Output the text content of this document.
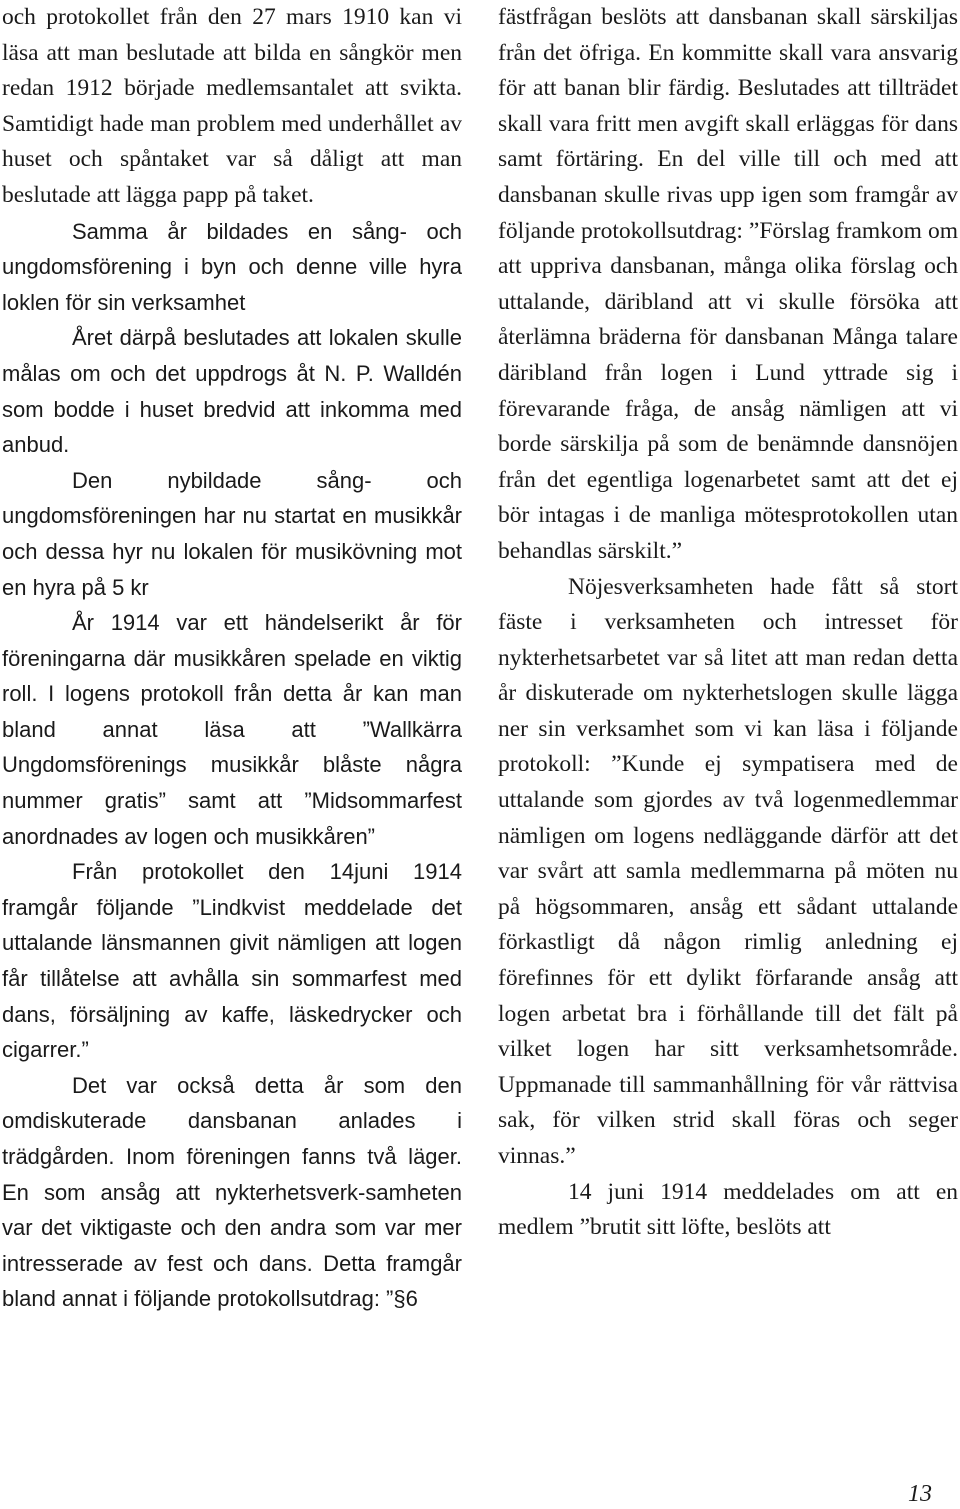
och protokollet från den 27 mars 1910 kan vi läsa att man beslutade att bilda en sångkör men redan 1912 började medlemsantalet att svikta. Samtidigt hade man problem med underhållet av huset och spåntaket var så dåligt att man beslutade att lägga papp på taket.

Samma år bildades en sång- och ungdomsförening i byn och denne ville hyra loklen för sin verksamhet

Året därpå beslutades att lokalen skulle målas om och det uppdrogs åt N. P. Walldén som bodde i huset bredvid att inkomma med anbud.

Den nybildade sång- och ungdomsföreningen har nu startat en musikkår och dessa hyr nu lokalen för musikövning mot en hyra på 5 kr

År 1914 var ett händelserikt år för föreningarna där musikkåren spelade en viktig roll. I logens protokoll från detta år kan man bland annat läsa att ”Wallkärra Ungdomsförenings musikkår blåste några nummer gratis” samt att ”Midsommarfest anordnades av logen och musikkåren”

Från protokollet den 14juni 1914 framgår följande ”Lindkvist meddelade det uttalande länsmannen givit nämligen att logen får tillåtelse att avhålla sin sommarfest med dans, försäljning av kaffe, läskedrycker och cigarrer.”

Det var också detta år som den omdiskuterade dansbanan anlades i trädgården. Inom föreningen fanns två läger. En som ansåg att nykterhetsverk-samheten var det viktigaste och den andra som var mer intresserade av fest och dans. Detta framgår bland annat i följande protokollsutdrag: ”§6

fästfrågan beslöts att dansbanan skall särskiljas från det öfriga. En kommitte skall vara ansvarig för att banan blir färdig. Beslutades att tillträdet skall vara fritt men avgift skall erläggas för dans samt förtäring. En del ville till och med att dansbanan skulle rivas upp igen som framgår av följande protokollsutdrag: ”Förslag framkom om att uppriva dansbanan, många olika förslag och uttalande, däribland att vi skulle försöka att återlämna bräderna för dansbanan Många talare däribland från logen i Lund yttrade sig i förevarande fråga, de ansåg nämligen att vi borde särskilja på som de benämnde dansnöjen från det egentliga logenarbetet samt att det ej bör intagas i de manliga mötesprotokollen utan behandlas särskilt.”

Nöjesverksamheten hade fått så stort fäste i verksamheten och intresset för nykterhetsarbetet var så litet att man redan detta år diskuterade om nykterhetslogen skulle lägga ner sin verksamhet som vi kan läsa i följande protokoll: ”Kunde ej sympatisera med de uttalande som gjordes av två logenmedlemmar nämligen om logens nedläggande därför att det var svårt att samla medlemmarna på möten nu på högsommaren, ansåg ett sådant uttalande förkastligt då någon rimlig anledning ej förefinnes för ett dylikt förfarande ansåg att logen arbetat bra i förhållande till det fält på vilket logen har sitt verksamhetsområde. Uppmanade till sammanhållning för vår rättvisa sak, för vilken strid skall föras och seger vinnas.”

14 juni 1914 meddelades om att en medlem ”brutit sitt löfte, beslöts att

13
